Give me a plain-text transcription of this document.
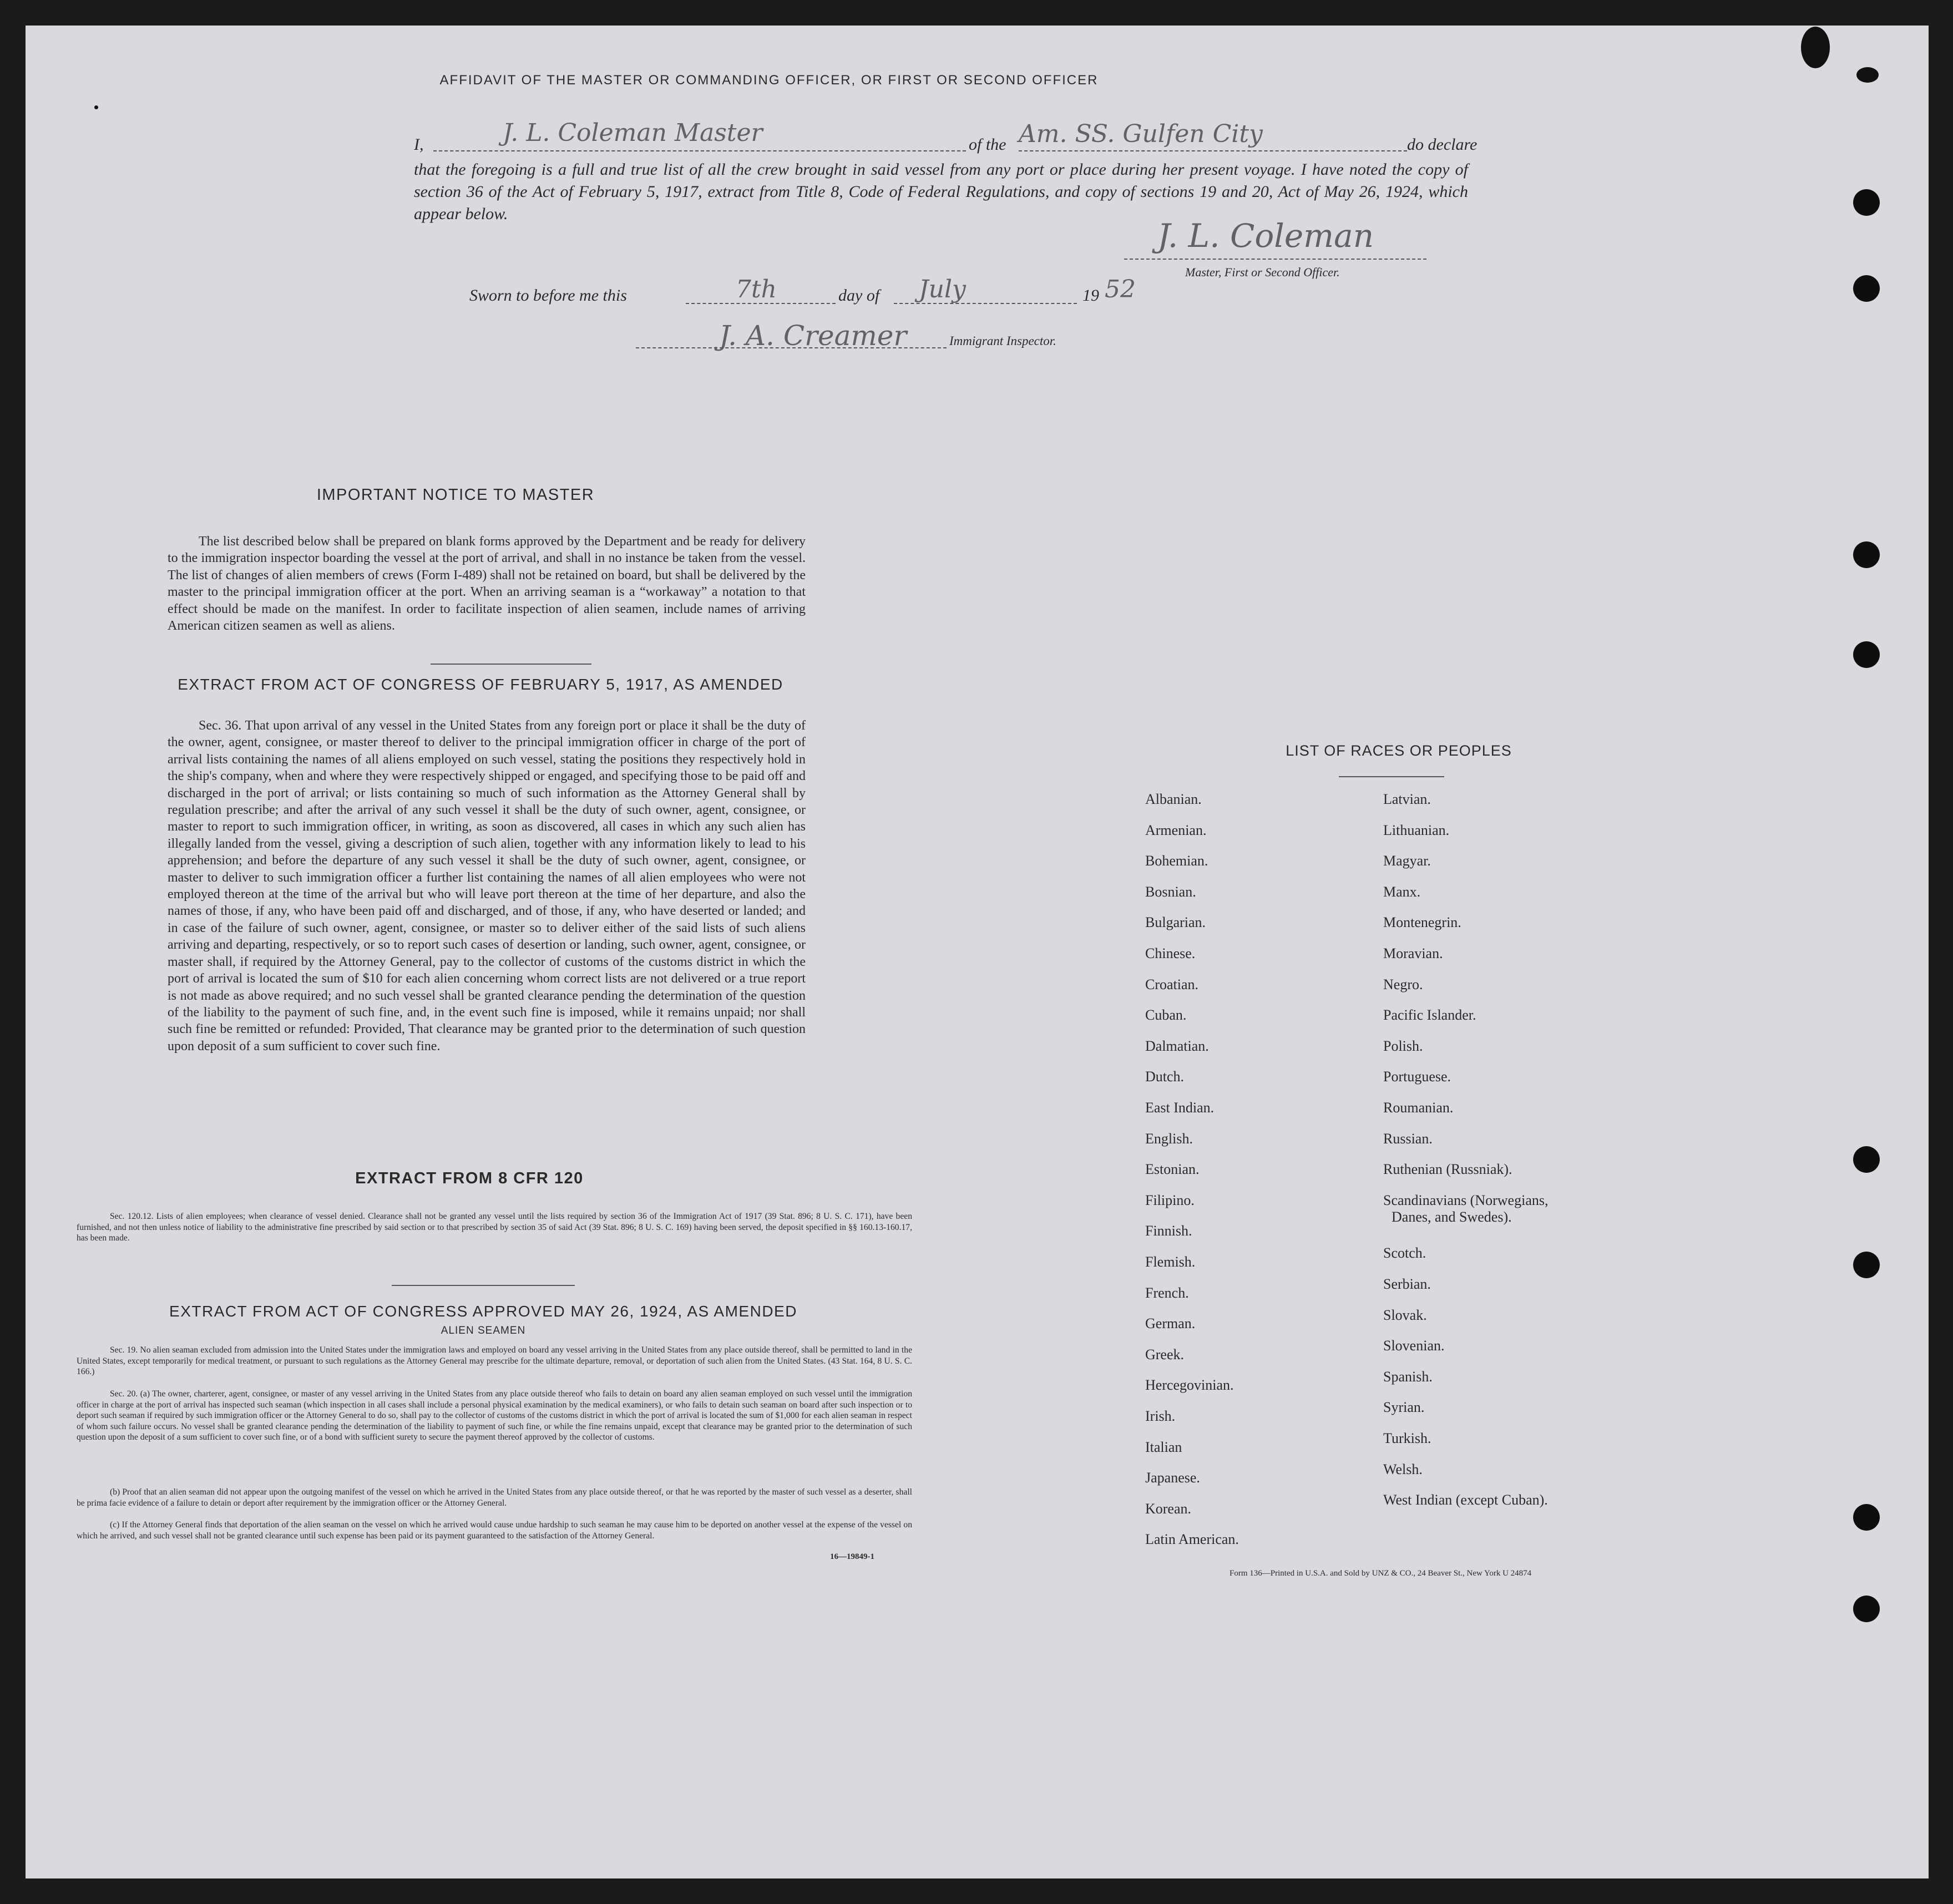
AFFIDAVIT OF THE MASTER OR COMMANDING OFFICER, OR FIRST OR SECOND OFFICER
I,	J. L. Coleman Master	of the Am. SS. Gulfen City	do declare
that the foregoing is a full and true list of all the crew brought in said vessel from any port or place during her present voyage. I have noted the copy of section 36 of the Act of February 5, 1917, extract from Title 8, Code of Federal Regulations, and copy of sections 19 and 20, Act of May 26, 1924, which appear below.
J. L. Coleman
Master, First or Second Officer.
Sworn to before me this	7th	day of July	19 52
J. A. Creamer	Immigrant Inspector.
IMPORTANT NOTICE TO MASTER
The list described below shall be prepared on blank forms approved by the Department and be ready for delivery to the immigration inspector boarding the vessel at the port of arrival, and shall in no instance be taken from the vessel. The list of changes of alien members of crews (Form I-489) shall not be retained on board, but shall be delivered by the master to the principal immigration officer at the port. When an arriving seaman is a “workaway” a notation to that effect should be made on the manifest. In order to facilitate inspection of alien seamen, include names of arriving American citizen seamen as well as aliens.
EXTRACT FROM ACT OF CONGRESS OF FEBRUARY 5, 1917, AS AMENDED
Sec. 36. That upon arrival of any vessel in the United States from any foreign port or place it shall be the duty of the owner, agent, consignee, or master thereof to deliver to the principal immigration officer in charge of the port of arrival lists containing the names of all aliens employed on such vessel, stating the positions they respectively hold in the ship's company, when and where they were respectively shipped or engaged, and specifying those to be paid off and discharged in the port of arrival; or lists containing so much of such information as the Attorney General shall by regulation prescribe; and after the arrival of any such vessel it shall be the duty of such owner, agent, consignee, or master to report to such immigration officer, in writing, as soon as discovered, all cases in which any such alien has illegally landed from the vessel, giving a description of such alien, together with any information likely to lead to his apprehension; and before the departure of any such vessel it shall be the duty of such owner, agent, consignee, or master to deliver to such immigration officer a further list containing the names of all alien employees who were not employed thereon at the time of the arrival but who will leave port thereon at the time of her departure, and also the names of those, if any, who have been paid off and discharged, and of those, if any, who have deserted or landed; and in case of the failure of such owner, agent, consignee, or master so to deliver either of the said lists of such aliens arriving and departing, respectively, or so to report such cases of desertion or landing, such owner, agent, consignee, or master shall, if required by the Attorney General, pay to the collector of customs of the customs district in which the port of arrival is located the sum of $10 for each alien concerning whom correct lists are not delivered or a true report is not made as above required; and no such vessel shall be granted clearance pending the determination of the question of the liability to the payment of such fine, and, in the event such fine is imposed, while it remains unpaid; nor shall such fine be remitted or refunded: Provided, That clearance may be granted prior to the determination of such question upon deposit of a sum sufficient to cover such fine.
EXTRACT FROM 8 CFR 120
Sec. 120.12. Lists of alien employees; when clearance of vessel denied. Clearance shall not be granted any vessel until the lists required by section 36 of the Immigration Act of 1917 (39 Stat. 896; 8 U. S. C. 171), have been furnished, and not then unless notice of liability to the administrative fine prescribed by said section or to that prescribed by section 35 of said Act (39 Stat. 896; 8 U. S. C. 169) having been served, the deposit specified in §§ 160.13-160.17, has been made.
EXTRACT FROM ACT OF CONGRESS APPROVED MAY 26, 1924, AS AMENDED
ALIEN SEAMEN
Sec. 19. No alien seaman excluded from admission into the United States under the immigration laws and employed on board any vessel arriving in the United States from any place outside thereof, shall be permitted to land in the United States, except temporarily for medical treatment, or pursuant to such regulations as the Attorney General may prescribe for the ultimate departure, removal, or deportation of such alien from the United States. (43 Stat. 164, 8 U. S. C. 166.)
Sec. 20. (a) The owner, charterer, agent, consignee, or master of any vessel arriving in the United States from any place outside thereof who fails to detain on board any alien seaman employed on such vessel until the immigration officer in charge at the port of arrival has inspected such seaman (which inspection in all cases shall include a personal physical examination by the medical examiners), or who fails to detain such seaman on board after such inspection or to deport such seaman if required by such immigration officer or the Attorney General to do so, shall pay to the collector of customs of the customs district in which the port of arrival is located the sum of $1,000 for each alien seaman in respect of whom such failure occurs. No vessel shall be granted clearance pending the determination of the liability to payment of such fine, or while the fine remains unpaid, except that clearance may be granted prior to the determination of such question upon the deposit of a sum sufficient to cover such fine, or of a bond with sufficient surety to secure the payment thereof approved by the collector of customs.
(b) Proof that an alien seaman did not appear upon the outgoing manifest of the vessel on which he arrived in the United States from any place outside thereof, or that he was reported by the master of such vessel as a deserter, shall be prima facie evidence of a failure to detain or deport after requirement by the immigration officer or the Attorney General.
(c) If the Attorney General finds that deportation of the alien seaman on the vessel on which he arrived would cause undue hardship to such seaman he may cause him to be deported on another vessel at the expense of the vessel on which he arrived, and such vessel shall not be granted clearance until such expense has been paid or its payment guaranteed to the satisfaction of the Attorney General.
16—19849-1
LIST OF RACES OR PEOPLES
Form 136—Printed in U.S.A. and Sold by UNZ & CO., 24 Beaver St., New York U 24874
Albanian.
Armenian.
Bohemian.
Bosnian.
Bulgarian.
Chinese.
Croatian.
Cuban.
Dalmatian.
Dutch.
East Indian.
English.
Estonian.
Filipino.
Finnish.
Flemish.
French.
German.
Greek.
Hercegovinian.
Irish.
Italian
Japanese.
Korean.
Latin American.
Latvian.
Lithuanian.
Magyar.
Manx.
Montenegrin.
Moravian.
Negro.
Pacific Islander.
Polish.
Portuguese.
Roumanian.
Russian.
Ruthenian (Russniak).
Scandinavians (Norwegians,
Danes, and Swedes).
Scotch.
Serbian.
Slovak.
Slovenian.
Spanish.
Syrian.
Turkish.
Welsh.
West Indian (except Cuban).
